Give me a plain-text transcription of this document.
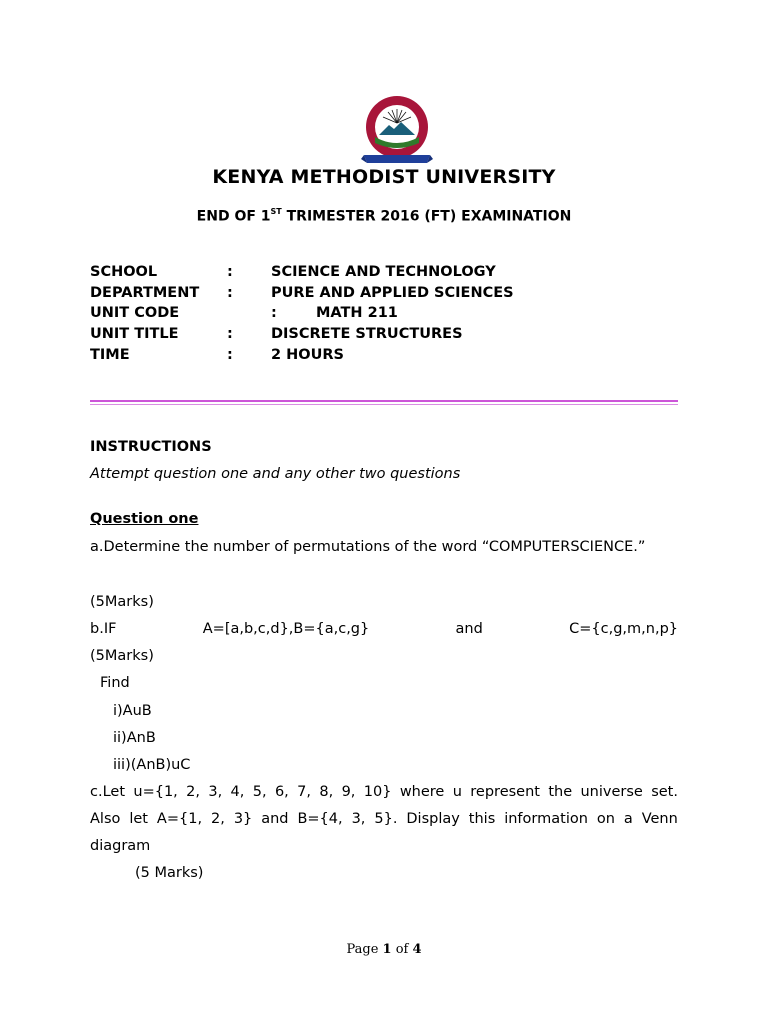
KENYA METHODIST UNIVERSITY
END OF 1ST TRIMESTER 2016 (FT) EXAMINATION
SCHOOL	:	SCIENCE AND TECHNOLOGY
DEPARTMENT :	PURE AND APPLIED SCIENCES
UNIT CODE	:	MATH 211
UNIT TITLE	:	DISCRETE STRUCTURES
TIME	:	2 HOURS
INSTRUCTIONS
Attempt question one and any other two questions
Question one
a.Determine the number of permutations of the word “COMPUTERSCIENCE.”
(5Marks)
b.IF	A=[a,b,c,d},B={a,c,g}	and	C={c,g,m,n,p}
(5Marks)
Find
i)AuB
ii)AnB
iii)(AnB)uC
c.Let u={1, 2, 3, 4, 5, 6, 7, 8, 9, 10} where u represent the universe set.
Also let A={1, 2, 3} and B={4, 3, 5}. Display this information on a Venn
diagram
(5 Marks)
Page 1 of 4
